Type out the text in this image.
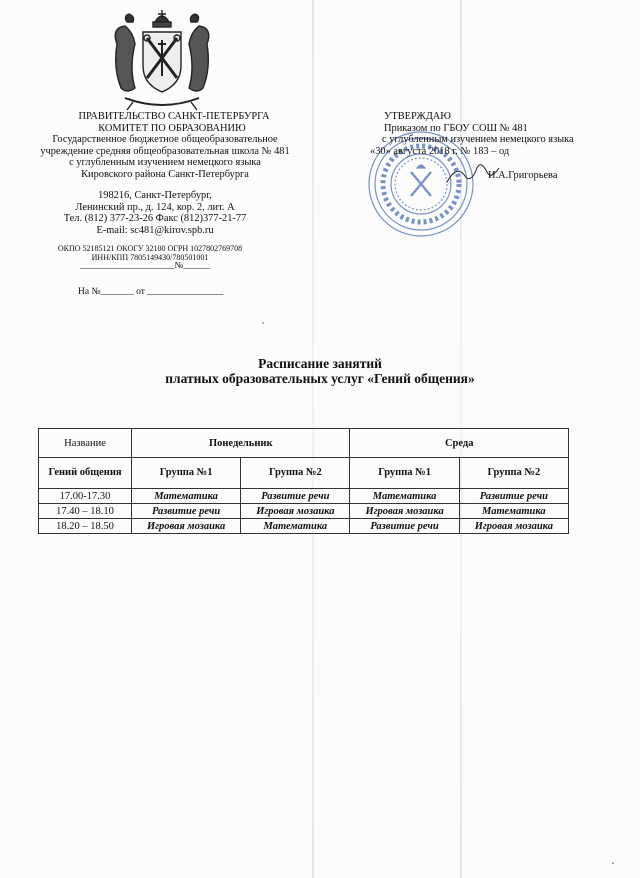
ПРАВИТЕЛЬСТВО САНКТ-ПЕТЕРБУРГА
КОМИТЕТ ПО ОБРАЗОВАНИЮ
Государственное бюджетное общеобразовательное
учреждение средняя общеобразовательная школа № 481
с углубленным изучением немецкого языка
Кировского района Санкт-Петербурга
198216, Санкт-Петербург,
Ленинский пр., д. 124, кор. 2, лит. А
Тел. (812) 377-23-26 Факс (812)377-21-77
E-mail: sc481@kirov.spb.ru
ОКПО 52185121 ОКОГУ 32100 ОГРН 1027802769708
ИНН/КПП 7805149430/780501001
_____________________№______
На №_______ от ________________
УТВЕРЖДАЮ
Приказом по ГБОУ СОШ № 481
с углубленным изучением немецкого языка
«30» августа 2018 г. № 183 – од
И.А.Григорьева
Расписание занятий
платных образовательных услуг «Гений общения»
Название	Понедельник		Среда	
Гений общения	Группа №1	Группа №2	Группа №1	Группа №2
17.00-17.30	Математика	Развитие речи	Математика	Развитие речи
17.40 – 18.10	Развитие речи	Игровая мозаика	Игровая мозаика	Математика
18.20 – 18.50	Игровая мозаика	Математика	Развитие речи	Игровая мозаика
